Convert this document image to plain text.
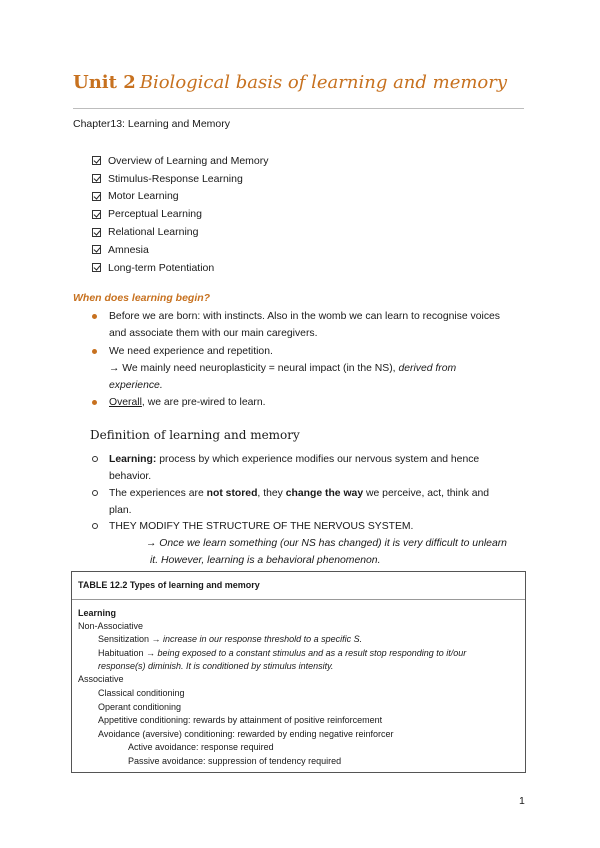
Unit 2 Biological basis of learning and memory
Chapter13: Learning and Memory
Overview of Learning and Memory
Stimulus-Response Learning
Motor Learning
Perceptual Learning
Relational Learning
Amnesia
Long-term Potentiation
When does learning begin?
Before we are born: with instincts. Also in the womb we can learn to recognise voices
and associate them with our main caregivers.
We need experience and repetition.
→ We mainly need neuroplasticity = neural impact (in the NS), derived from
experience.
Overall, we are pre-wired to learn.
Definition of learning and memory
Learning: process by which experience modifies our nervous system and hence
behavior.
The experiences are not stored, they change the way we perceive, act, think and
plan.
THEY MODIFY THE STRUCTURE OF THE NERVOUS SYSTEM.
→ Once we learn something (our NS has changed) it is very difficult to unlearn
it. However, learning is a behavioral phenomenon.
TABLE 12.2 Types of learning and memory
Learning
Non-Associative
Sensitization → increase in our response threshold to a specific S.
Habituation → being exposed to a constant stimulus and as a result stop responding to it/our
response(s) diminish. It is conditioned by stimulus intensity.
Associative
Classical conditioning
Operant conditioning
Appetitive conditioning: rewards by attainment of positive reinforcement
Avoidance (aversive) conditioning: rewarded by ending negative reinforcer
Active avoidance: response required
Passive avoidance: suppression of tendency required
1
